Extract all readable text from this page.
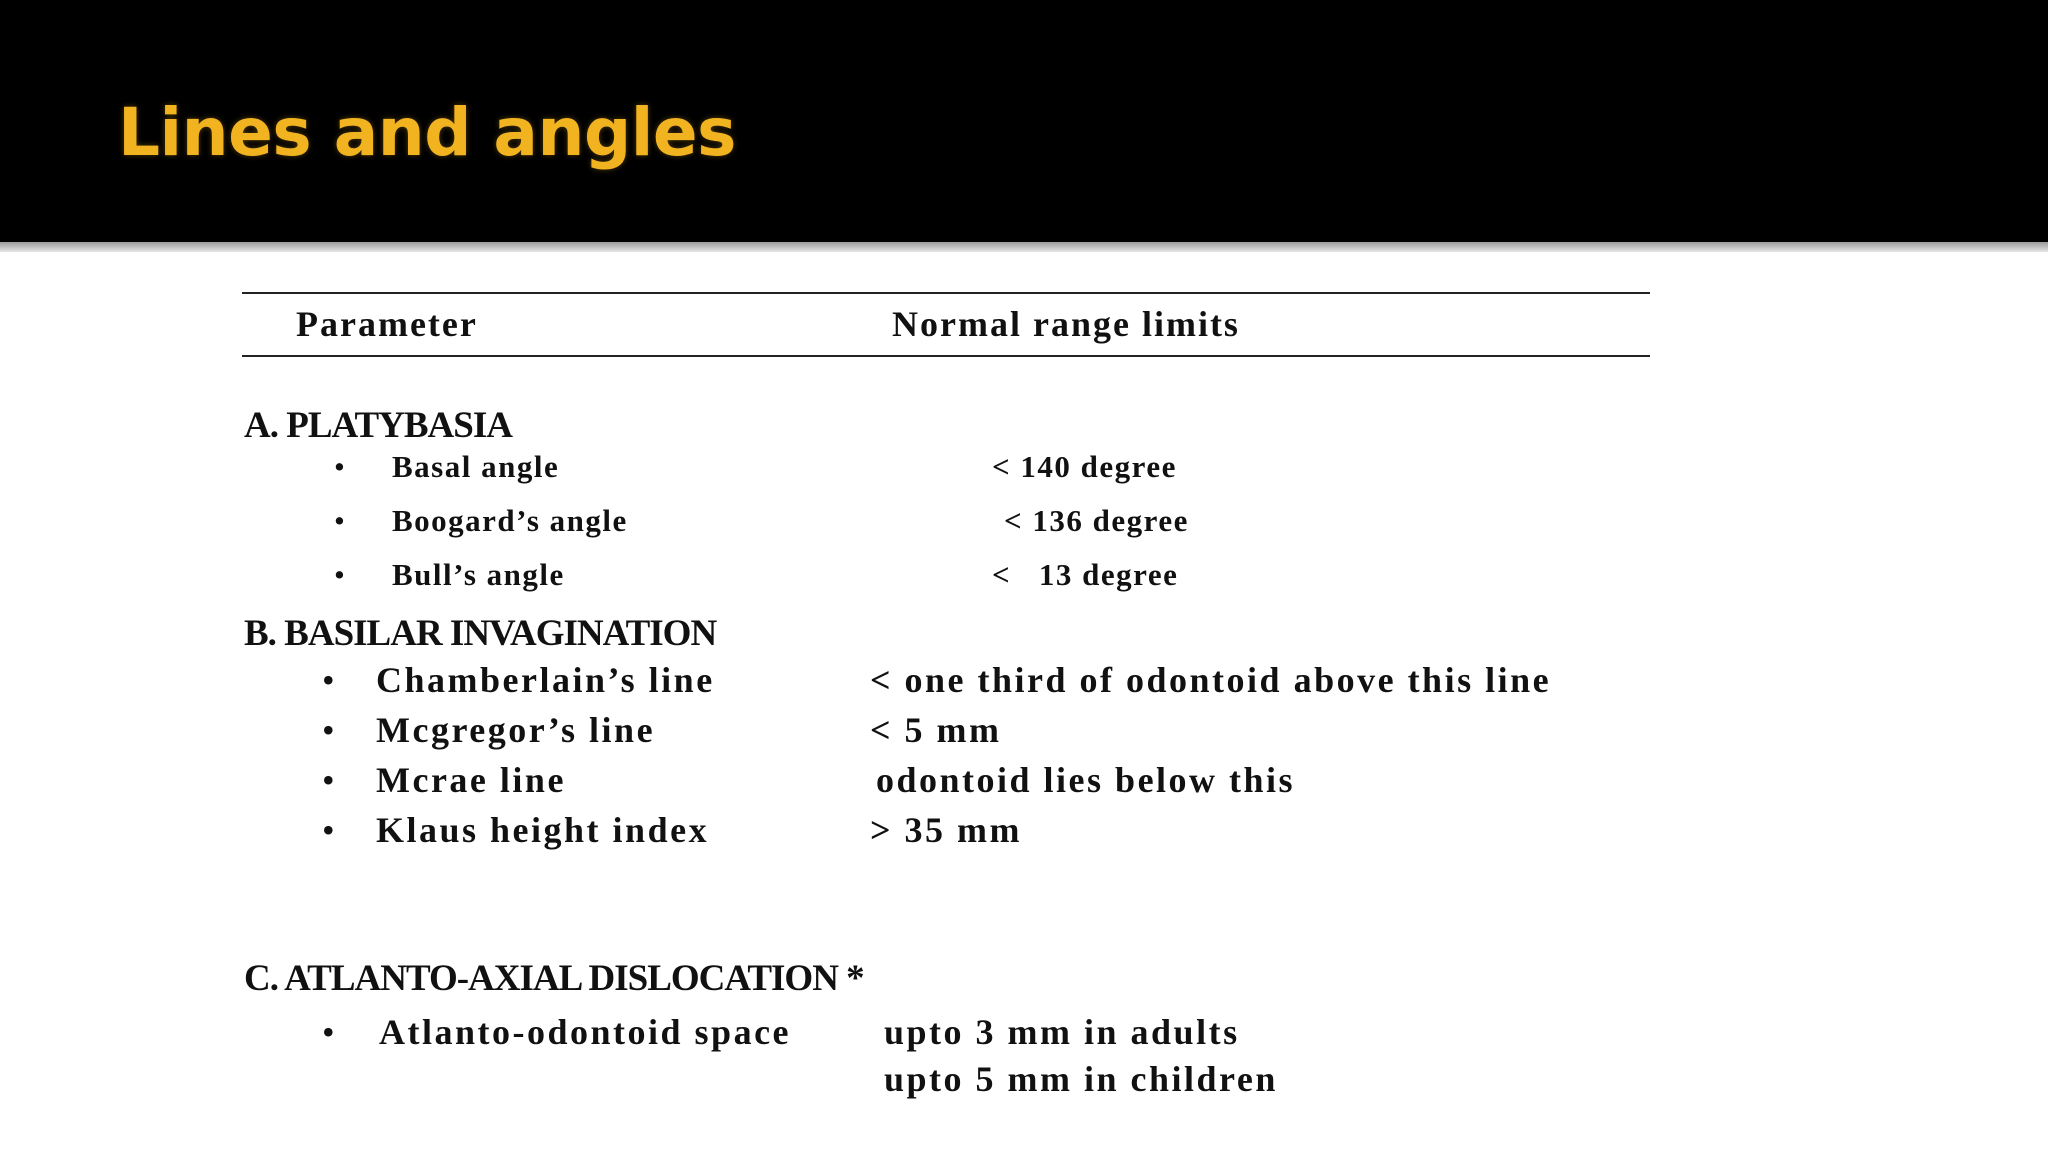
Lines and angles
Parameter	Normal range limits
A. PLATYBASIA
• Basal angle	< 140 degree
• Boogard’s angle	< 136 degree
• Bull’s angle	<   13 degree
B. BASILAR INVAGINATION
• Chamberlain’s line	< one third of odontoid above this line
• Mcgregor’s line	< 5 mm
• Mcrae line	odontoid lies below this
• Klaus height index	> 35 mm
C. ATLANTO-AXIAL DISLOCATION *
• Atlanto-odontoid space	upto 3 mm in adults
upto 5 mm in children
